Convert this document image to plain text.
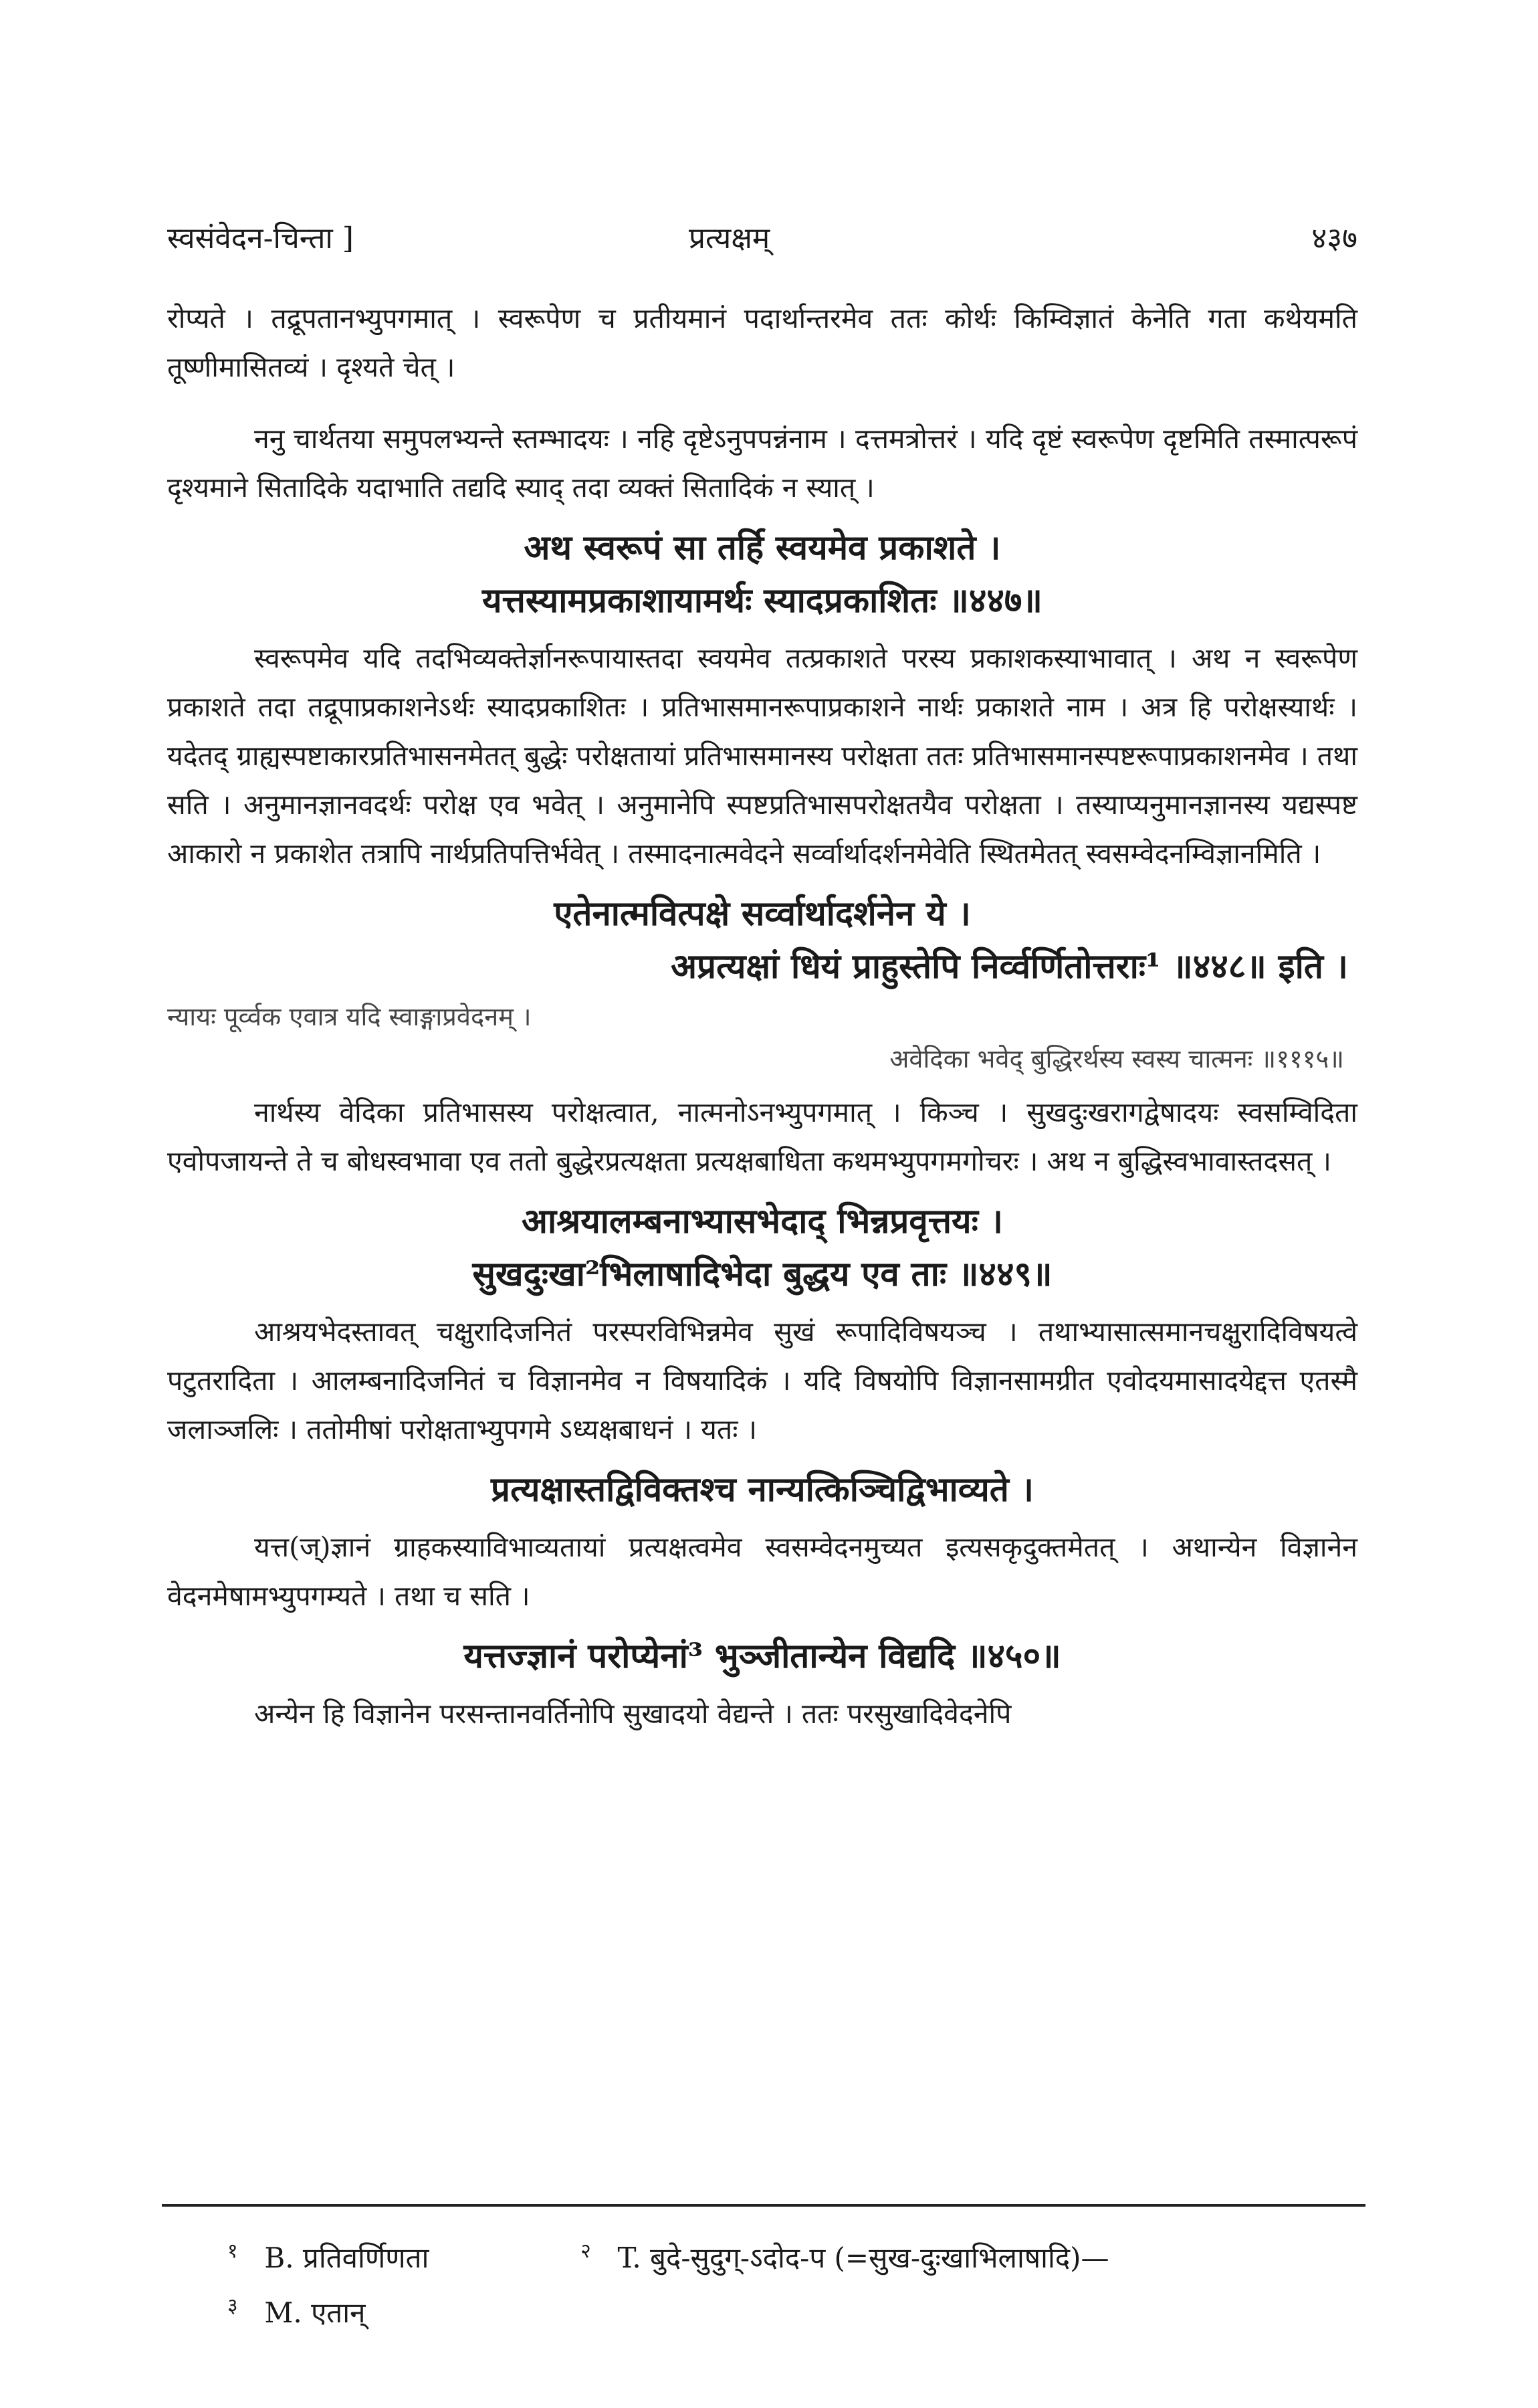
स्वसंवेदन-चिन्ता ]	प्रत्यक्षम्	४३७

रोप्यते । तद्रूपतानभ्युपगमात् । स्वरूपेण च प्रतीयमानं पदार्थान्तरमेव ततः कोर्थः किम्विज्ञातं केनेति गता कथेयमति तूष्णीमासितव्यं । दृश्यते चेत् ।

ननु चार्थतया समुपलभ्यन्ते स्तम्भादयः । नहि दृष्टेऽनुपपन्नंनाम । दत्तमत्रोत्तरं । यदि दृष्टं स्वरूपेण दृष्टमिति तस्मात्परूपं दृश्यमाने सितादिके यदाभाति तद्यदि स्याद् तदा व्यक्तं सितादिकं न स्यात् ।

अथ स्वरूपं सा तर्हि स्वयमेव प्रकाशते ।

यत्तस्यामप्रकाशायामर्थः स्यादप्रकाशितः ॥४४७॥

स्वरूपमेव यदि तदभिव्यक्तेर्ज्ञानरूपायास्तदा स्वयमेव तत्प्रकाशते परस्य प्रकाशकस्याभावात् । अथ न स्वरूपेण प्रकाशते तदा तद्रूपाप्रकाशनेऽर्थः स्यादप्रकाशितः । प्रतिभासमानरूपाप्रकाशने नार्थः प्रकाशते नाम । अत्र हि परोक्षस्यार्थः । यदेतद् ग्राह्यस्पष्टाकारप्रतिभासनमेतत् बुद्धेः परोक्षतायां प्रतिभासमानस्य परोक्षता ततः प्रतिभासमानस्पष्टरूपाप्रकाशनमेव । तथा सति । अनुमानज्ञानवदर्थः परोक्ष एव भवेत् । अनुमानेपि स्पष्टप्रतिभासपरोक्षतयैव परोक्षता । तस्याप्यनुमानज्ञानस्य यद्यस्पष्ट आकारो न प्रकाशेत तत्रापि नार्थप्रतिपत्तिर्भवेत् । तस्मादनात्मवेदने सर्व्वार्थादर्शनमेवेति स्थितमेतत् स्वसम्वेदनम्विज्ञानमिति ।

एतेनात्मवित्पक्षे सर्व्वार्थादर्शनेन ये ।

अप्रत्यक्षां धियं प्राहुस्तेपि निर्व्वर्णितोत्तराः¹ ॥४४८॥ इति ।

न्यायः पूर्व्वक एवात्र यदि स्वाङ्गाप्रवेदनम् ।

अवेदिका भवेद् बुद्धिरर्थस्य स्वस्य चात्मनः ॥१११५॥

नार्थस्य वेदिका प्रतिभासस्य परोक्षत्वात, नात्मनोऽनभ्युपगमात् । किञ्च । सुखदुःखरागद्वेषादयः स्वसम्विदिता एवोपजायन्ते ते च बोधस्वभावा एव ततो बुद्धेरप्रत्यक्षता प्रत्यक्षबाधिता कथमभ्युपगमगोचरः । अथ न बुद्धिस्वभावास्तदसत् ।

आश्रयालम्बनाभ्यासभेदाद् भिन्नप्रवृत्तयः ।

सुखदुःखा²भिलाषादिभेदा बुद्धय एव ताः ॥४४९॥

आश्रयभेदस्तावत् चक्षुरादिजनितं परस्परविभिन्नमेव सुखं रूपादिविषयञ्च । तथाभ्यासात्समानचक्षुरादिविषयत्वे पटुतरादिता । आलम्बनादिजनितं च विज्ञानमेव न विषयादिकं । यदि विषयोपि विज्ञानसामग्रीत एवोदयमासादयेद्दत्त एतस्मै जलाञ्जलिः । ततोमीषां परोक्षताभ्युपगमे ऽध्यक्षबाधनं । यतः ।

प्रत्यक्षास्तद्विविक्तश्च नान्यत्किञ्चिद्विभाव्यते ।

यत्त(ज्)ज्ञानं ग्राहकस्याविभाव्यतायां प्रत्यक्षत्वमेव स्वसम्वेदनमुच्यत इत्यसकृदुक्तमेतत् । अथान्येन विज्ञानेन वेदनमेषामभ्युपगम्यते । तथा च सति ।

यत्तज्ज्ञानं परोप्येनां³ भुञ्जीतान्येन विद्यदि ॥४५०॥

अन्येन हि विज्ञानेन परसन्तानवर्तिनोपि सुखादयो वेद्यन्ते । ततः परसुखादिवेदनेपि

१ B. प्रतिवर्णिणता	२ T. बुदे-सुदुग्-ऽदोद-प (=सुख-दुःखाभिलाषादि)—

३ M. एतान्
